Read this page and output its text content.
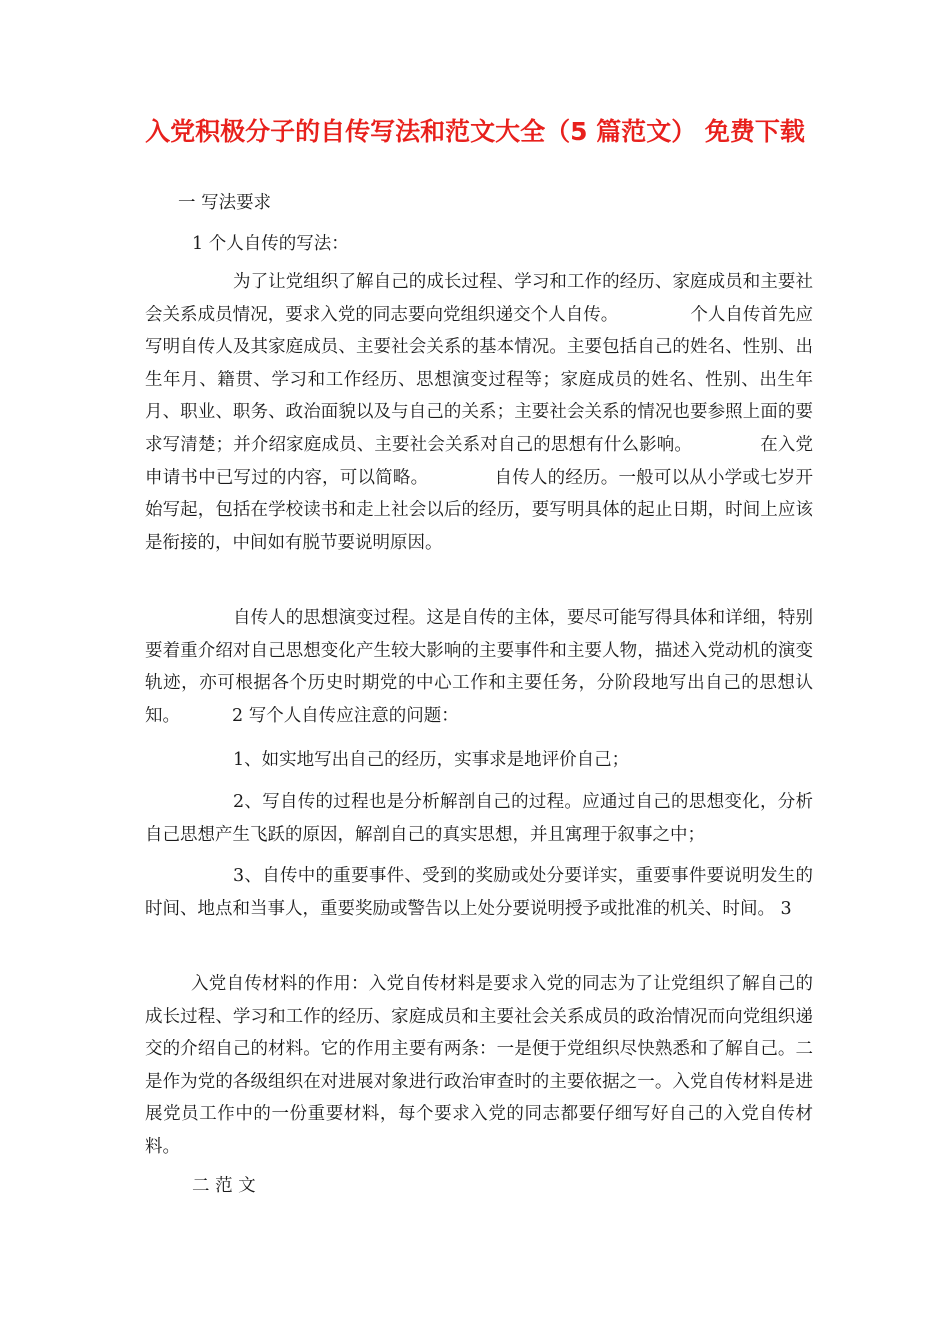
入党积极分子的自传写法和范文大全（5 篇范文） 免费下载

一 写法要求

1 个人自传的写法：

为了让党组织了解自己的成长过程、学习和工作的经历、家庭成员和主要社会关系成员情况，要求入党的同志要向党组织递交个人自传。	个人自传首先应写明自传人及其家庭成员、主要社会关系的基本情况。主要包括自己的姓名、性别、出生年月、籍贯、学习和工作经历、思想演变过程等；家庭成员的姓名、性别、出生年月、职业、职务、政治面貌以及与自己的关系；主要社会关系的情况也要参照上面的要求写清楚；并介绍家庭成员、主要社会关系对自己的思想有什么影响。	在入党申请书中已写过的内容，可以简略。	自传人的经历。一般可以从小学或七岁开始写起，包括在学校读书和走上社会以后的经历，要写明具体的起止日期，时间上应该是衔接的，中间如有脱节要说明原因。

自传人的思想演变过程。这是自传的主体，要尽可能写得具体和详细，特别要着重介绍对自己思想变化产生较大影响的主要事件和主要人物，描述入党动机的演变轨迹，亦可根据各个历史时期党的中心工作和主要任务，分阶段地写出自己的思想认知。	2 写个人自传应注意的问题：

1、如实地写出自己的经历，实事求是地评价自己；

2、写自传的过程也是分析解剖自己的过程。应通过自己的思想变化，分析自己思想产生飞跃的原因，解剖自己的真实思想，并且寓理于叙事之中；

3、自传中的重要事件、受到的奖励或处分要详实，重要事件要说明发生的时间、地点和当事人，重要奖励或警告以上处分要说明授予或批准的机关、时间。 3

入党自传材料的作用：入党自传材料是要求入党的同志为了让党组织了解自己的成长过程、学习和工作的经历、家庭成员和主要社会关系成员的政治情况而向党组织递交的介绍自己的材料。它的作用主要有两条：一是便于党组织尽快熟悉和了解自己。二是作为党的各级组织在对进展对象进行政治审查时的主要依据之一。入党自传材料是进展党员工作中的一份重要材料，每个要求入党的同志都要仔细写好自己的入党自传材料。

二 范 文
